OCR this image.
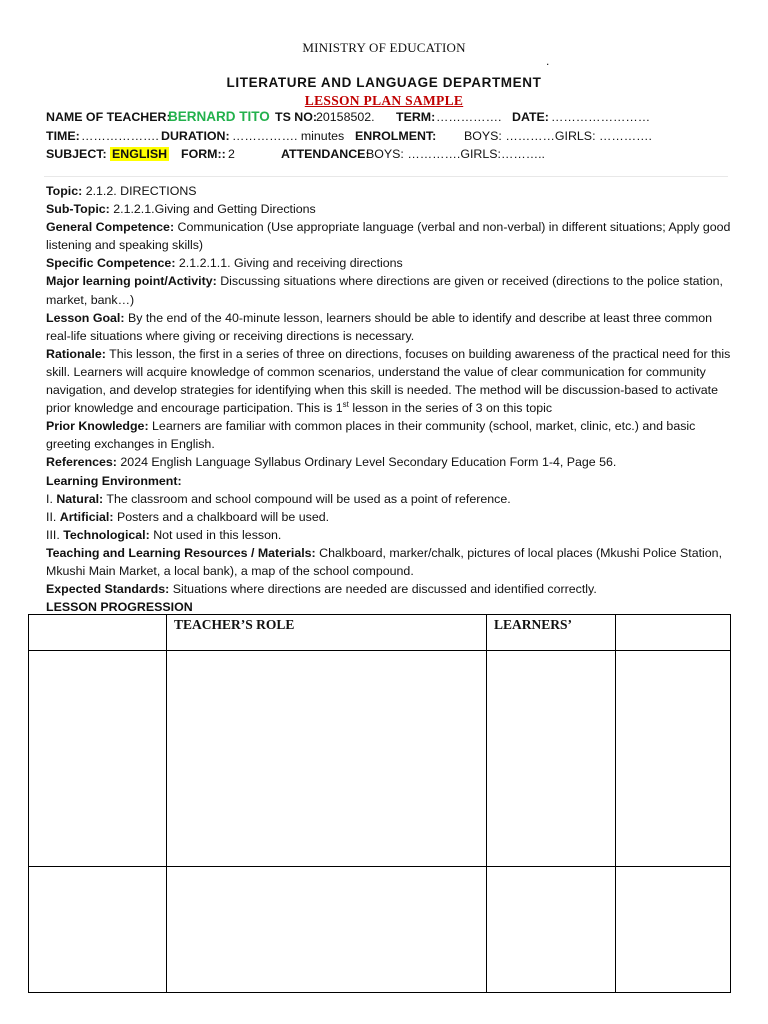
MINISTRY OF EDUCATION
.
LITERATURE AND LANGUAGE DEPARTMENT
LESSON PLAN SAMPLE
NAME OF TEACHER:
BERNARD TITO TS NO: 20158502. TERM: ……………. DATE: ……………………
TIME: ………………. DURATION: ……………. minutes ENROLMENT: BOYS: …………GIRLS: ………….
SUBJECT: ENGLISH FORM:: 2	ATTENDANCE:
BOYS: ………….GIRLS:………..

Topic: 2.1.2. DIRECTIONS

Sub-Topic: 2.1.2.1.Giving and Getting Directions

General Competence: Communication (Use appropriate language (verbal and non-verbal) in different situations; Apply good listening and speaking skills)

Specific Competence: 2.1.2.1.1. Giving and receiving directions

Major learning point/Activity: Discussing situations where directions are given or received (directions to the police station, market, bank…)

Lesson Goal: By the end of the 40-minute lesson, learners should be able to identify and describe at least three common real-life situations where giving or receiving directions is necessary.

Rationale: This lesson, the first in a series of three on directions, focuses on building awareness of the practical need for this skill. Learners will acquire knowledge of common scenarios, understand the value of clear communication for community navigation, and develop strategies for identifying when this skill is needed. The method will be discussion-based to activate prior knowledge and encourage participation. This is 1st lesson in the series of 3 on this topic

Prior Knowledge: Learners are familiar with common places in their community (school, market, clinic, etc.) and basic greeting exchanges in English.

References: 2024 English Language Syllabus Ordinary Level Secondary Education Form 1-4, Page 56.

Learning Environment:

I. Natural: The classroom and school compound will be used as a point of reference.

II. Artificial: Posters and a chalkboard will be used.

III. Technological: Not used in this lesson.

Teaching and Learning Resources / Materials: Chalkboard, marker/chalk, pictures of local places (Mkushi Police Station, Mkushi Main Market, a local bank), a map of the school compound.

Expected Standards: Situations where directions are needed are discussed and identified correctly.

LESSON PROGRESSION

	TEACHER’S ROLE	LEARNERS’	
